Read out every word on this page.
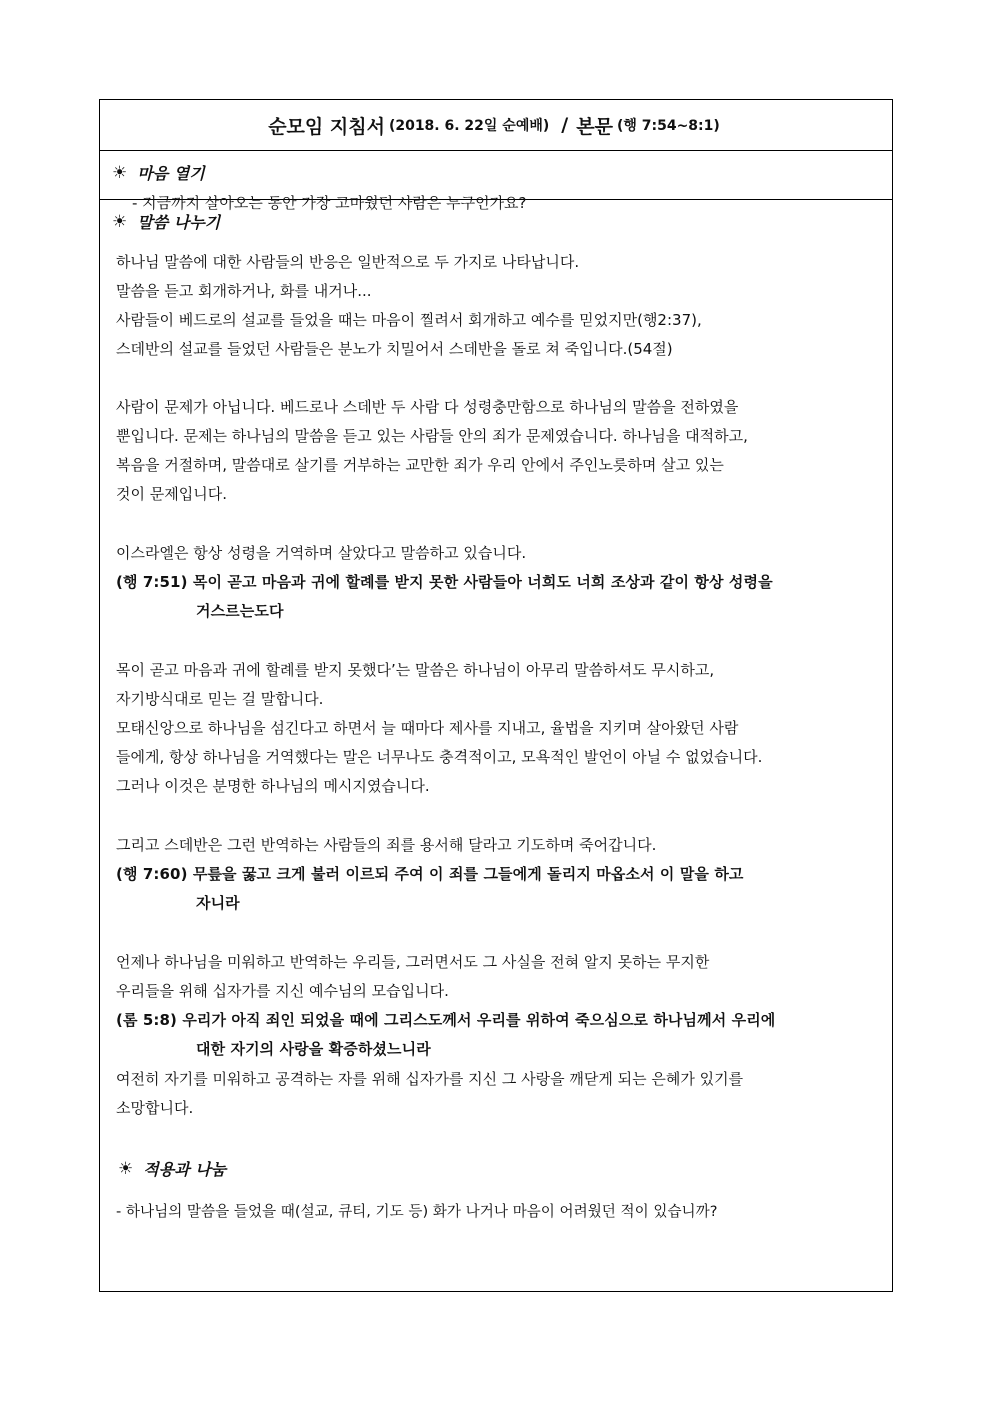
순모임 지침서 (2018. 6. 22일 순예배) / 본문 (행 7:54~8:1)
☀ 마음 열기
- 지금까지 살아오는 동안 가장 고마웠던 사람은 누구인가요?
☀ 말씀 나누기
하나님 말씀에 대한 사람들의 반응은 일반적으로 두 가지로 나타납니다.
말씀을 듣고 회개하거나, 화를 내거나...
사람들이 베드로의 설교를 들었을 때는 마음이 찔려서 회개하고 예수를 믿었지만(행2:37),
스데반의 설교를 들었던 사람들은 분노가 치밀어서 스데반을 돌로 쳐 죽입니다.(54절)
사람이 문제가 아닙니다. 베드로나 스데반 두 사람 다 성령충만함으로 하나님의 말씀을 전하였을
뿐입니다. 문제는 하나님의 말씀을 듣고 있는 사람들 안의 죄가 문제였습니다. 하나님을 대적하고,
복음을 거절하며, 말씀대로 살기를 거부하는 교만한 죄가 우리 안에서 주인노릇하며 살고 있는
것이 문제입니다.
이스라엘은 항상 성령을 거역하며 살았다고 말씀하고 있습니다.
(행 7:51) 목이 곧고 마음과 귀에 할례를 받지 못한 사람들아 너희도 너희 조상과 같이 항상 성령을
거스르는도다
목이 곧고 마음과 귀에 할례를 받지 못했다’는 말씀은 하나님이 아무리 말씀하셔도 무시하고,
자기방식대로 믿는 걸 말합니다.
모태신앙으로 하나님을 섬긴다고 하면서 늘 때마다 제사를 지내고, 율법을 지키며 살아왔던 사람
들에게, 항상 하나님을 거역했다는 말은 너무나도 충격적이고, 모욕적인 발언이 아닐 수 없었습니다.
그러나 이것은 분명한 하나님의 메시지였습니다.
그리고 스데반은 그런 반역하는 사람들의 죄를 용서해 달라고 기도하며 죽어갑니다.
(행 7:60) 무릎을 꿇고 크게 불러 이르되 주여 이 죄를 그들에게 돌리지 마옵소서 이 말을 하고
자니라
언제나 하나님을 미워하고 반역하는 우리들, 그러면서도 그 사실을 전혀 알지 못하는 무지한
우리들을 위해 십자가를 지신 예수님의 모습입니다.
(롬 5:8) 우리가 아직 죄인 되었을 때에 그리스도께서 우리를 위하여 죽으심으로 하나님께서 우리에
대한 자기의 사랑을 확증하셨느니라
여전히 자기를 미워하고 공격하는 자를 위해 십자가를 지신 그 사랑을 깨닫게 되는 은혜가 있기를
소망합니다.
☀ 적용과 나눔
- 하나님의 말씀을 들었을 때(설교, 큐티, 기도 등) 화가 나거나 마음이 어려웠던 적이 있습니까?
